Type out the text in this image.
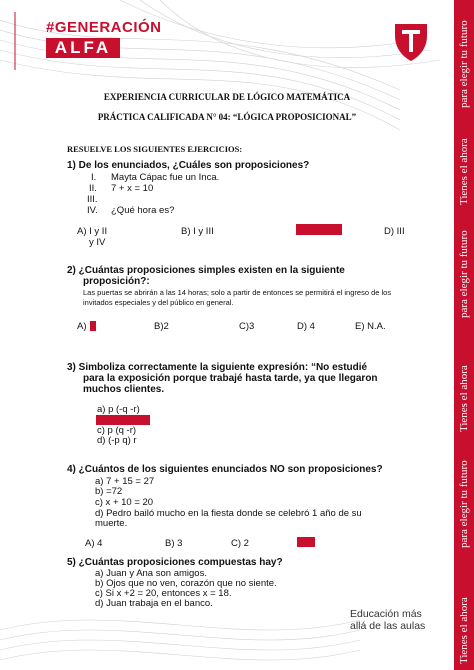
para elegir tu futuro
Tienes el ahora
para elegir tu futuro
Tienes el ahora
para elegir tu futuro
Tienes el ahora
#GENERACIÓN
ALFA
EXPERIENCIA CURRICULAR DE LÓGICO MATEMÁTICA
PRÁCTICA CALIFICADA N° 04: “LÓGICA PROPOSICIONAL”
RESUELVE LOS SIGUIENTES EJERCICIOS:
1) De los enunciados, ¿Cuáles son proposiciones?
I. Mayta Cápac fue un Inca.
II. 7 + x = 10
III.
IV. ¿Qué hora es?
A) I y II	B) I y III	C) III y IV	D) III
y IV
2) ¿Cuántas proposiciones simples existen en la siguiente
proposición?:
Las puertas se abrirán a las 14 horas; solo a partir de entonces se permitirá el ingreso de los
invitados especiales y del público en general.
A)	B)2	C)3	D) 4	E) N.A.
3) Simboliza correctamente la siguiente expresión: “No estudié
para la exposición porque trabajé hasta tarde, ya que llegaron
muchos clientes.
a) p (-q -r)
c) p (q -r)
d) (-p q) r
4) ¿Cuántos de los siguientes enunciados NO son proposiciones?
a) 7 + 15 = 27
b) =72
c) x + 10 = 20
d) Pedro bailó mucho en la fiesta donde se celebró 1 año de su
muerte.
A) 4	B) 3	C) 2
5) ¿Cuántas proposiciones compuestas hay?
a) Juan y Ana son amigos.
b) Ojos que no ven, corazón que no siente.
c) Si x +2 = 20, entonces x = 18.
d) Juan trabaja en el banco.
Educación más
allá de las aulas
